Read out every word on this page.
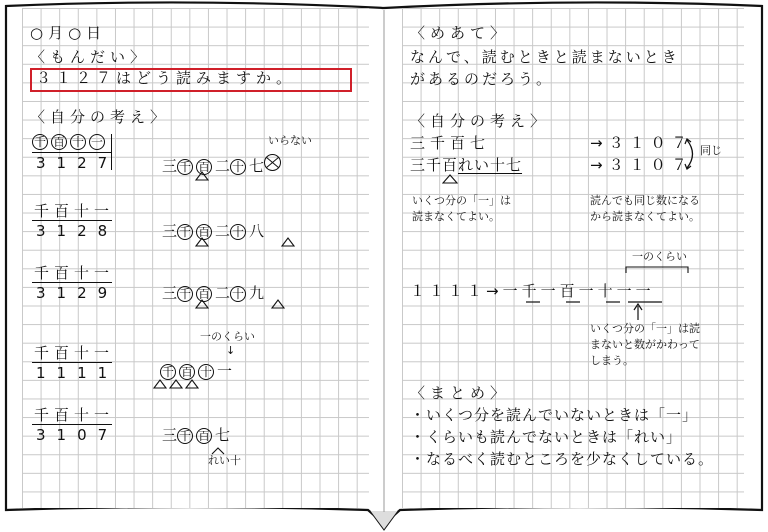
○月○日
〈もんだい〉
３１２７はどう読みますか。
〈自分の考え〉
千 百 十 一
3127
いらない
三 千 百 二 十 七
千百十一
3128	三 千 百 二 十 八
千百十一
3129	三 千 百 二 十 九
一のくらい
↓
千百十一
1111	千 百 十 一
千百十一
3107	三 千 百 七
れい十
〈めあて〉
なんで、読むときと読まないとき
があるのだろう。
〈自分の考え〉
三千百七	→３１０７
三千百れい十七	→３１０７
同じ
いくつ分の「一」は
読まなくてよい。
読んでも同じ数になる
から読まなくてよい。
一のくらい
１１１１→一千一百一十一一
いくつ分の「一」は読
まないと数がかわって
しまう。
〈まとめ〉
・いくつ分を読んでいないときは「一」
・くらいも読んでないときは「れい」
・なるべく読むところを少なくしている。
